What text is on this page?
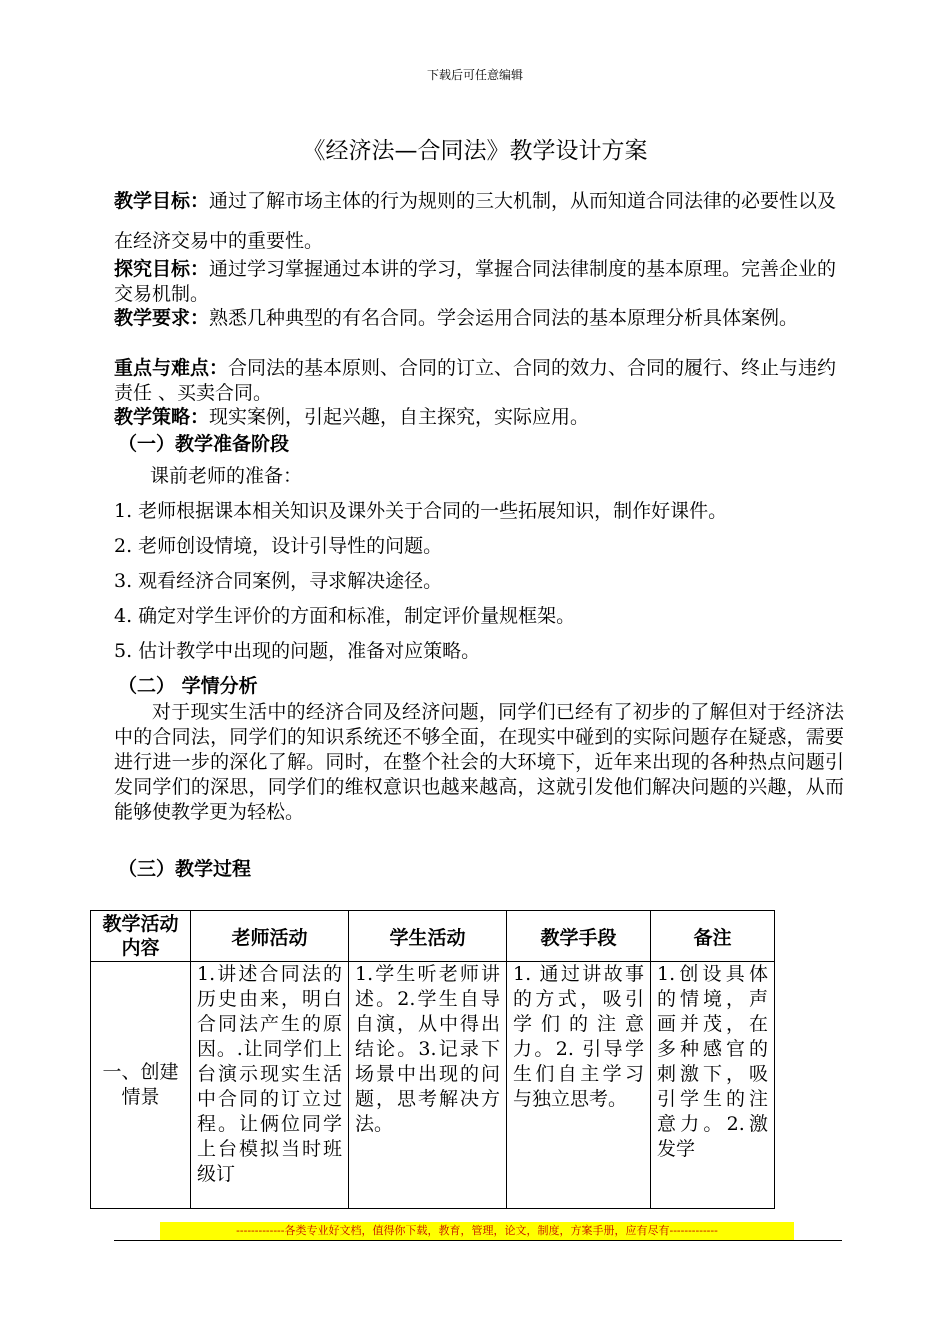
下载后可任意编辑
《经济法—合同法》教学设计方案
教学目标：通过了解市场主体的行为规则的三大机制，从而知道合同法律的必要性以及在经济交易中的重要性。
探究目标：通过学习掌握通过本讲的学习，掌握合同法律制度的基本原理。完善企业的交易机制。
教学要求：熟悉几种典型的有名合同。学会运用合同法的基本原理分析具体案例。
重点与难点：合同法的基本原则、合同的订立、合同的效力、合同的履行、终止与违约责任 、买卖合同。
教学策略：现实案例，引起兴趣，自主探究，实际应用。
（一）教学准备阶段
课前老师的准备：
1. 老师根据课本相关知识及课外关于合同的一些拓展知识，制作好课件。
2. 老师创设情境，设计引导性的问题。
3. 观看经济合同案例，寻求解决途径。
4. 确定对学生评价的方面和标准，制定评价量规框架。
5. 估计教学中出现的问题，准备对应策略。
（二） 学情分析
对于现实生活中的经济合同及经济问题，同学们已经有了初步的了解但对于经济法中的合同法，同学们的知识系统还不够全面，在现实中碰到的实际问题存在疑惑，需要进行进一步的深化了解。同时，在整个社会的大环境下，近年来出现的各种热点问题引发同学们的深思，同学们的维权意识也越来越高，这就引发他们解决问题的兴趣，从而能够使教学更为轻松。
（三）教学过程
教学活动内容	老师活动	学生活动	教学手段	备注
一、创建情景	1.讲述合同法的历史由来，明白合同法产生的原因。.让同学们上台演示现实生活中合同的订立过程。让俩位同学上台模拟当时班级订	1.学生听老师讲述。2.学生自导自演，从中得出结论。3.记录下场景中出现的问题，思考解决方法。	1. 通过讲故事的方式，吸引学们的注意力。2. 引导学生们自主学习与独立思考。	1.创设具体的情境，声画并茂，在多种感官的刺激下，吸引学生的注意力。2.激发学
-------------各类专业好文档，值得你下载，教育，管理，论文，制度，方案手册，应有尽有-------------
